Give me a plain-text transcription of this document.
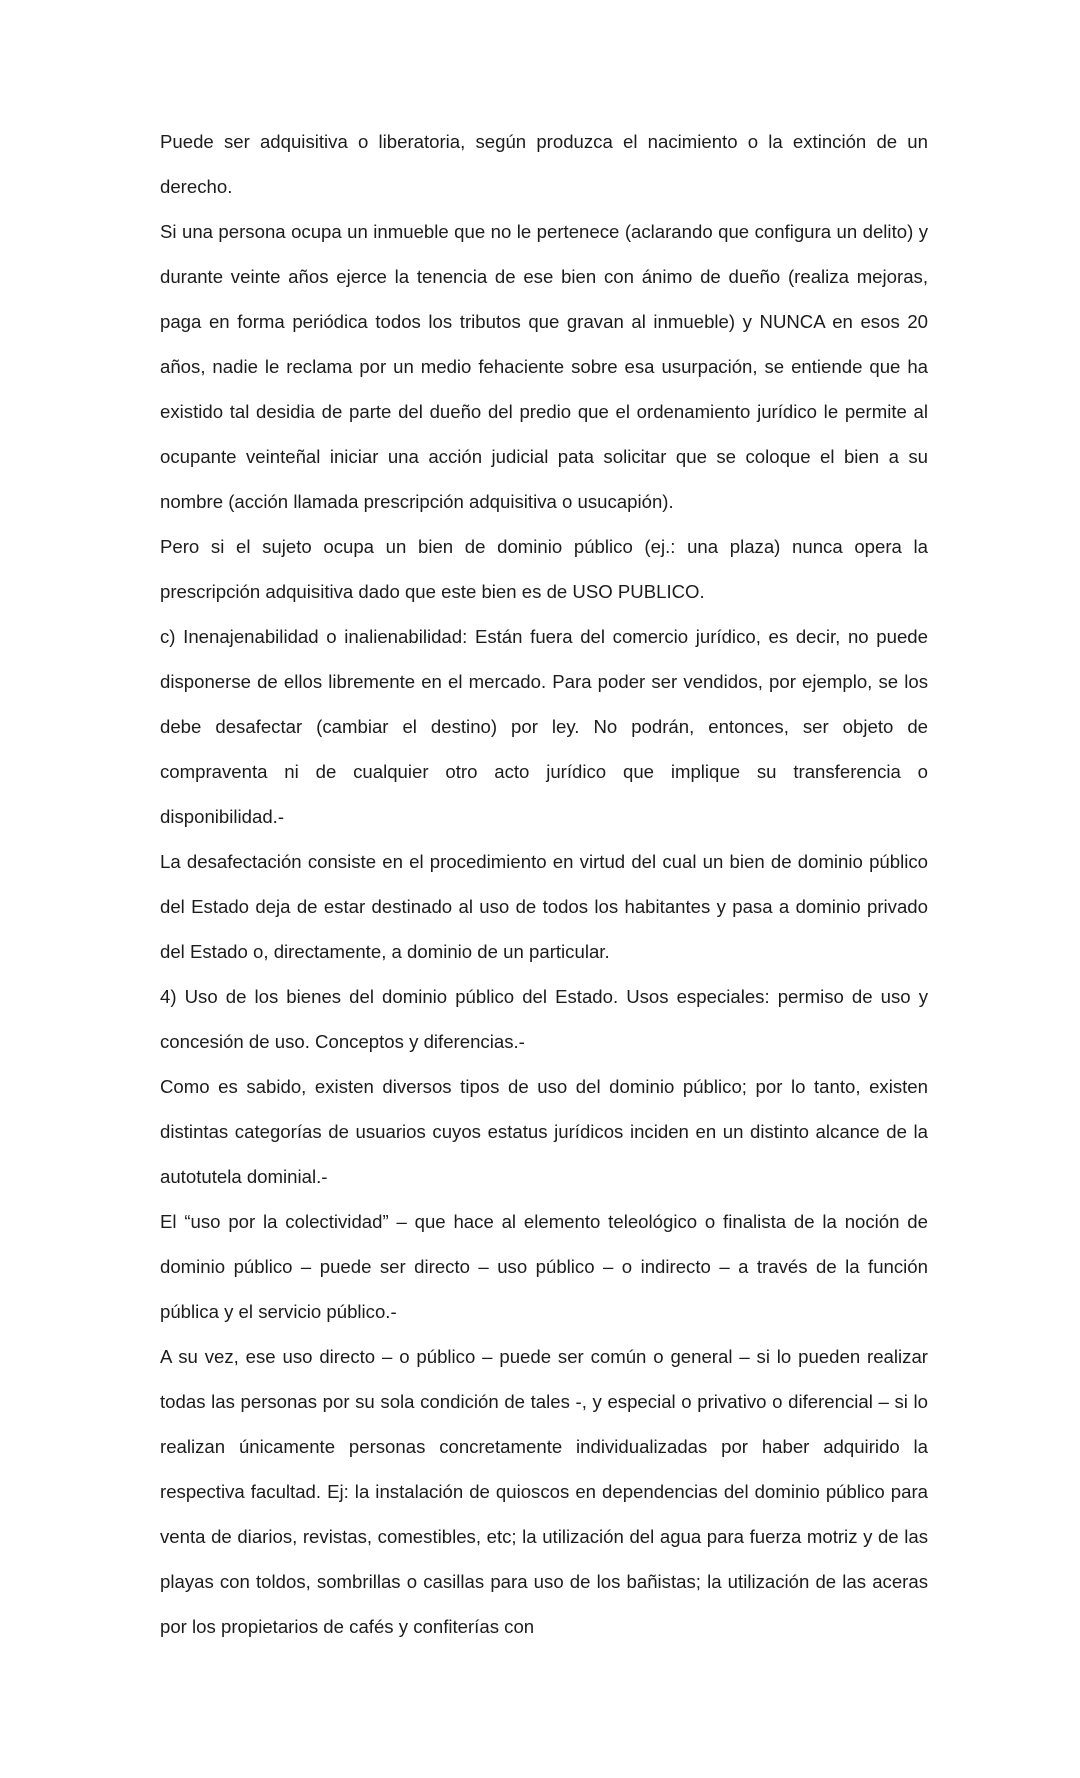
Puede ser adquisitiva o liberatoria, según produzca el nacimiento o la extinción de un derecho.

Si una persona ocupa un inmueble que no le pertenece (aclarando que configura un delito) y durante veinte años ejerce la tenencia de ese bien con ánimo de dueño (realiza mejoras, paga en forma periódica todos los tributos que gravan al inmueble) y NUNCA en esos 20 años, nadie le reclama por un medio fehaciente sobre esa usurpación, se entiende que ha existido tal desidia de parte del dueño del predio que el ordenamiento jurídico le permite al ocupante veinteñal iniciar una acción judicial pata solicitar que se coloque el bien a su nombre (acción llamada prescripción adquisitiva o usucapión).

Pero si el sujeto ocupa un bien de dominio público (ej.: una plaza) nunca opera la prescripción adquisitiva dado que este bien es de USO PUBLICO.

c) Inenajenabilidad o inalienabilidad: Están fuera del comercio jurídico, es decir, no puede disponerse de ellos libremente en el mercado. Para poder ser vendidos, por ejemplo, se los debe desafectar (cambiar el destino) por ley. No podrán, entonces, ser objeto de compraventa ni de cualquier otro acto jurídico que implique su transferencia o disponibilidad.-

La desafectación consiste en el procedimiento en virtud del cual un bien de dominio público del Estado deja de estar destinado al uso de todos los habitantes y pasa a dominio privado del Estado o, directamente, a dominio de un particular.

4) Uso de los bienes del dominio público del Estado. Usos especiales: permiso de uso y concesión de uso. Conceptos y diferencias.-

Como es sabido, existen diversos tipos de uso del dominio público; por lo tanto, existen distintas categorías de usuarios cuyos estatus jurídicos inciden en un distinto alcance de la autotutela dominial.-

El “uso por la colectividad” – que hace al elemento teleológico o finalista de la noción de dominio público – puede ser directo – uso público – o indirecto – a través de la función pública y el servicio público.-

A su vez, ese uso directo – o público – puede ser común o general – si lo pueden realizar todas las personas por su sola condición de tales -, y especial o privativo o diferencial – si lo realizan únicamente personas concretamente individualizadas por haber adquirido la respectiva facultad. Ej: la instalación de quioscos en dependencias del dominio público para venta de diarios, revistas, comestibles, etc; la utilización del agua para fuerza motriz y de las playas con toldos, sombrillas o casillas para uso de los bañistas; la utilización de las aceras por los propietarios de cafés y confiterías con
